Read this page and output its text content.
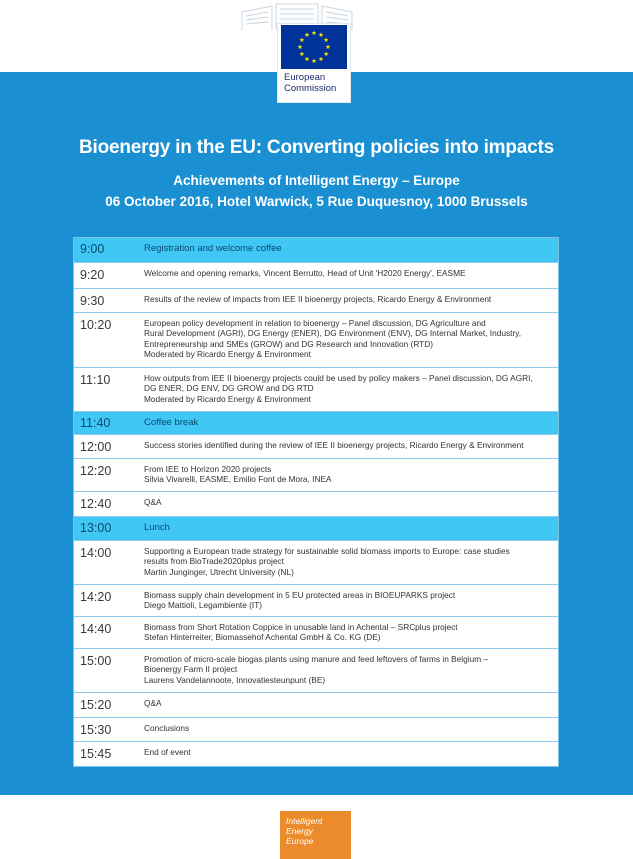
European
Commission
Bioenergy in the EU: Converting policies into impacts
Achievements of Intelligent Energy – Europe
06 October 2016, Hotel Warwick, 5 Rue Duquesnoy, 1000 Brussels
9:00	Registration and welcome coffee
9:20	Welcome and opening remarks, Vincent Berrutto, Head of Unit 'H2020 Energy', EASME
9:30	Results of the review of impacts from IEE II bioenergy projects, Ricardo Energy & Environment
10:20	European policy development in relation to bioenergy – Panel discussion, DG Agriculture and
Rural Development (AGRI), DG Energy (ENER), DG Environment (ENV), DG Internal Market, Industry,
Entrepreneurship and SMEs (GROW) and DG Research and Innovation (RTD)
Moderated by Ricardo Energy & Environment
11:10	How outputs from IEE II bioenergy projects could be used by policy makers – Panel discussion, DG AGRI,
DG ENER, DG ENV, DG GROW and DG RTD
Moderated by Ricardo Energy & Environment
11:40	Coffee break
12:00	Success stories identified during the review of IEE II bioenergy projects, Ricardo Energy & Environment
12:20	From IEE to Horizon 2020 projects
Silvia Vivarelli, EASME, Emilio Font de Mora, INEA
12:40	Q&A
13:00	Lunch
14:00	Supporting a European trade strategy for sustainable solid biomass imports to Europe: case studies
results from BioTrade2020plus project
Martin Junginger, Utrecht University (NL)
14:20	Biomass supply chain development in 5 EU protected areas in BIOEUPARKS project
Diego Mattioli, Legambiente (IT)
14:40	Biomass from Short Rotation Coppice in unusable land in Achental – SRCplus project
Stefan Hinterreiter, Biomassehof Achental GmbH & Co. KG (DE)
15:00	Promotion of micro-scale biogas plants using manure and feed leftovers of farms in Belgium –
Bioenergy Farm II project
Laurens Vandelannoote, Innovatiesteunpunt (BE)
15:20	Q&A
15:30	Conclusions
15:45	End of event
Intelligent
Energy
Europe
